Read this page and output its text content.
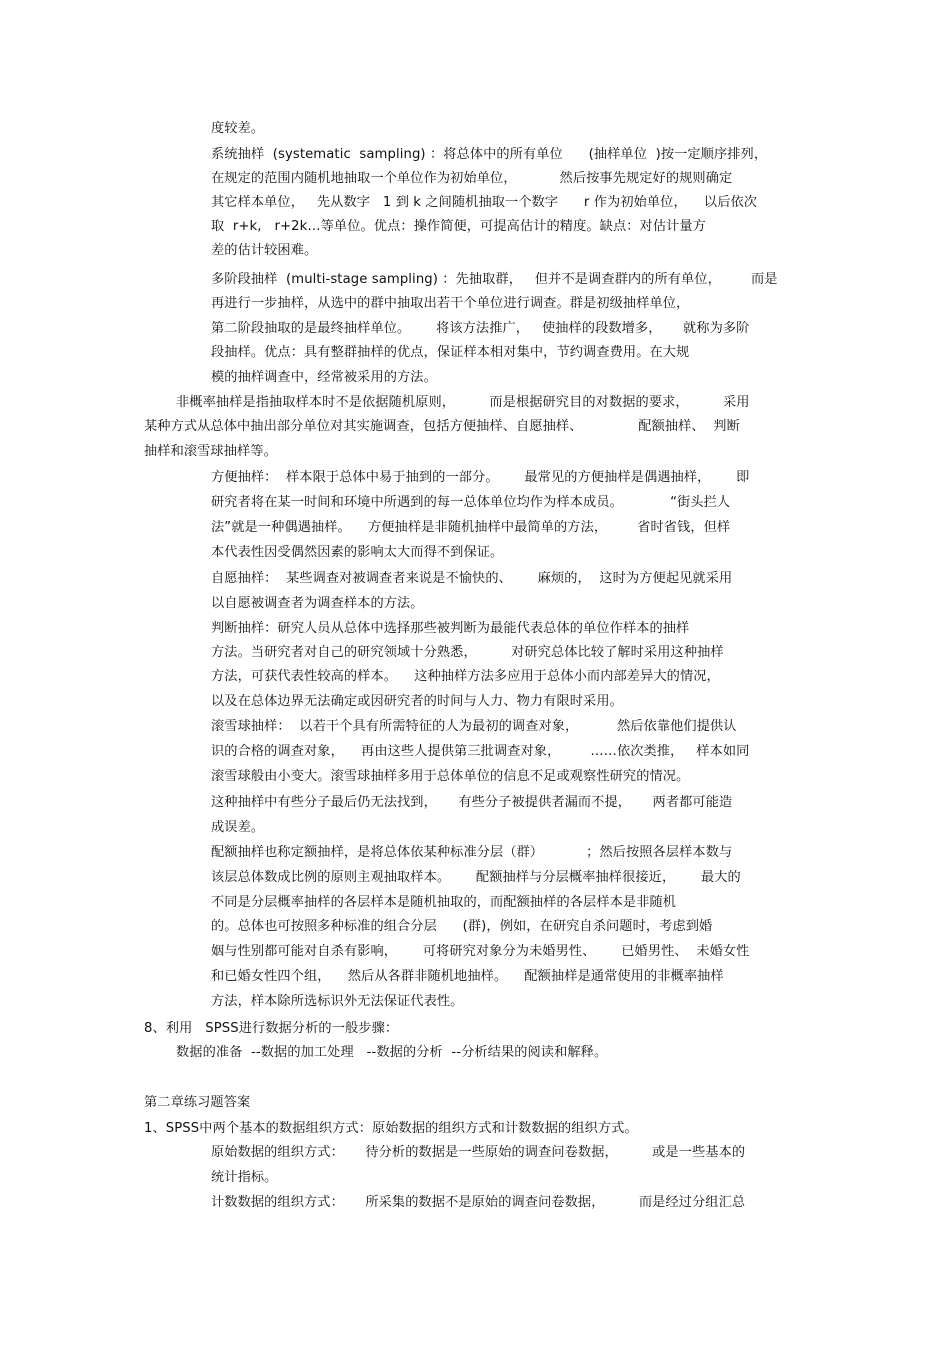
度较差。
系统抽样  (systematic  sampling) ：将总体中的所有单位      (抽样单位  )按一定顺序排列，
在规定的范围内随机地抽取一个单位作为初始单位，          然后按事先规定好的规则确定
其它样本单位，   先从数字   1 到 k 之间随机抽取一个数字      r 作为初始单位，    以后依次
取  r+k,   r+2k…等单位。优点：操作简便，可提高估计的精度。缺点：对估计量方
差的估计较困难。
多阶段抽样  (multi-stage sampling) ：先抽取群，   但并不是调查群内的所有单位，       而是
再进行一步抽样，从选中的群中抽取出若干个单位进行调查。群是初级抽样单位，
第二阶段抽取的是最终抽样单位。      将该方法推广，   使抽样的段数增多，     就称为多阶
段抽样。优点：具有整群抽样的优点，保证样本相对集中，节约调查费用。在大规
模的抽样调查中，经常被采用的方法。
非概率抽样是指抽取样本时不是依据随机原则，        而是根据研究目的对数据的要求，        采用
某种方式从总体中抽出部分单位对其实施调查，包括方便抽样、自愿抽样、             配额抽样、  判断
抽样和滚雪球抽样等。
方便抽样：  样本限于总体中易于抽到的一部分。      最常见的方便抽样是偶遇抽样，      即
研究者将在某一时间和环境中所遇到的每一总体单位均作为样本成员。           “街头拦人
法”就是一种偶遇抽样。    方便抽样是非随机抽样中最简单的方法，       省时省钱，但样
本代表性因受偶然因素的影响太大而得不到保证。
自愿抽样：  某些调查对被调查者来说是不愉快的、      麻烦的，  这时为方便起见就采用
以自愿被调查者为调查样本的方法。
判断抽样：研究人员从总体中选择那些被判断为最能代表总体的单位作样本的抽样
方法。当研究者对自己的研究领域十分熟悉，        对研究总体比较了解时采用这种抽样
方法，可获代表性较高的样本。    这种抽样方法多应用于总体小而内部差异大的情况，
以及在总体边界无法确定或因研究者的时间与人力、物力有限时采用。
滚雪球抽样：  以若干个具有所需特征的人为最初的调查对象，         然后依靠他们提供认
识的合格的调查对象，    再由这些人提供第三批调查对象，       ……依次类推，   样本如同
滚雪球般由小变大。滚雪球抽样多用于总体单位的信息不足或观察性研究的情况。
这种抽样中有些分子最后仍无法找到，     有些分子被提供者漏而不提，     两者都可能造
成误差。
配额抽样也称定额抽样，是将总体依某种标准分层（群）          ；然后按照各层样本数与
该层总体数成比例的原则主观抽取样本。      配额抽样与分层概率抽样很接近，      最大的
不同是分层概率抽样的各层样本是随机抽取的，而配额抽样的各层样本是非随机
的。总体也可按照多种标准的组合分层      (群)，例如，在研究自杀问题时，考虑到婚
姻与性别都可能对自杀有影响，      可将研究对象分为未婚男性、      已婚男性、  未婚女性
和已婚女性四个组，    然后从各群非随机地抽样。    配额抽样是通常使用的非概率抽样
方法，样本除所选标识外无法保证代表性。
8、利用   SPSS进行数据分析的一般步骤：
数据的准备  --数据的加工处理   --数据的分析  --分析结果的阅读和解释。
第二章练习题答案
1、SPSS中两个基本的数据组织方式：原始数据的组织方式和计数数据的组织方式。
原始数据的组织方式：     待分析的数据是一些原始的调查问卷数据，        或是一些基本的
统计指标。
计数数据的组织方式：     所采集的数据不是原始的调查问卷数据，        而是经过分组汇总
